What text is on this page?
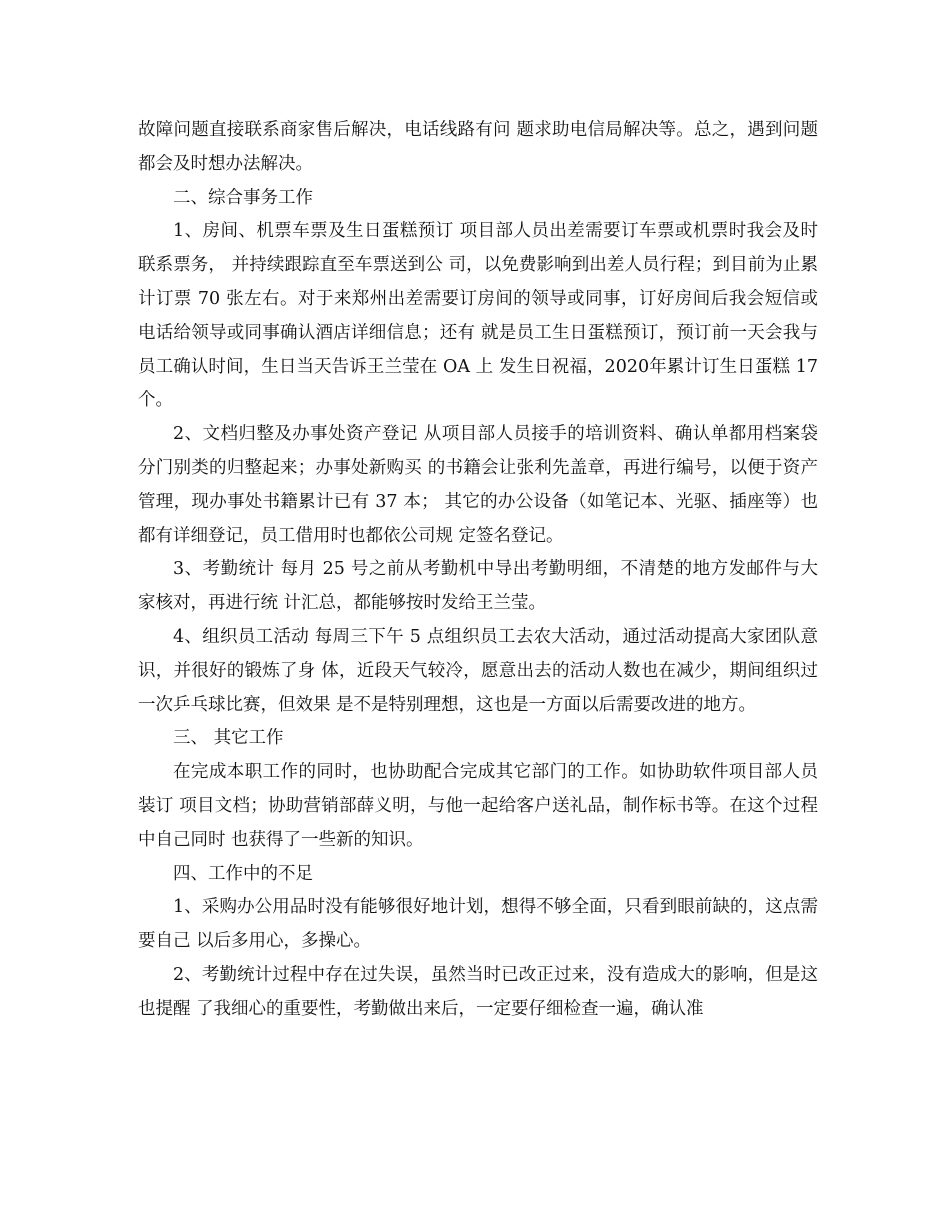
故障问题直接联系商家售后解决，电话线路有问 题求助电信局解决等。总之，遇到问题都会及时想办法解决。

二、综合事务工作

1、房间、机票车票及生日蛋糕预订 项目部人员出差需要订车票或机票时我会及时联系票务， 并持续跟踪直至车票送到公 司，以免费影响到出差人员行程；到目前为止累计订票 70 张左右。对于来郑州出差需要订房间的领导或同事，订好房间后我会短信或电话给领导或同事确认酒店详细信息；还有 就是员工生日蛋糕预订，预订前一天会我与员工确认时间，生日当天告诉王兰莹在 OA 上 发生日祝福，2020年累计订生日蛋糕 17 个。

2、文档归整及办事处资产登记 从项目部人员接手的培训资料、确认单都用档案袋分门别类的归整起来；办事处新购买 的书籍会让张利先盖章，再进行编号，以便于资产管理，现办事处书籍累计已有 37 本； 其它的办公设备（如笔记本、光驱、插座等）也都有详细登记，员工借用时也都依公司规 定签名登记。

3、考勤统计 每月 25 号之前从考勤机中导出考勤明细，不清楚的地方发邮件与大家核对，再进行统 计汇总，都能够按时发给王兰莹。

4、组织员工活动 每周三下午 5 点组织员工去农大活动，通过活动提高大家团队意识，并很好的锻炼了身 体，近段天气较冷，愿意出去的活动人数也在减少，期间组织过一次乒乓球比赛，但效果 是不是特别理想，这也是一方面以后需要改进的地方。

三、 其它工作

在完成本职工作的同时，也协助配合完成其它部门的工作。如协助软件项目部人员装订 项目文档；协助营销部薛义明，与他一起给客户送礼品，制作标书等。在这个过程中自己同时 也获得了一些新的知识。

四、工作中的不足

1、采购办公用品时没有能够很好地计划，想得不够全面，只看到眼前缺的，这点需要自己 以后多用心，多操心。

2、考勤统计过程中存在过失误，虽然当时已改正过来，没有造成大的影响，但是这也提醒 了我细心的重要性，考勤做出来后，一定要仔细检查一遍，确认准
